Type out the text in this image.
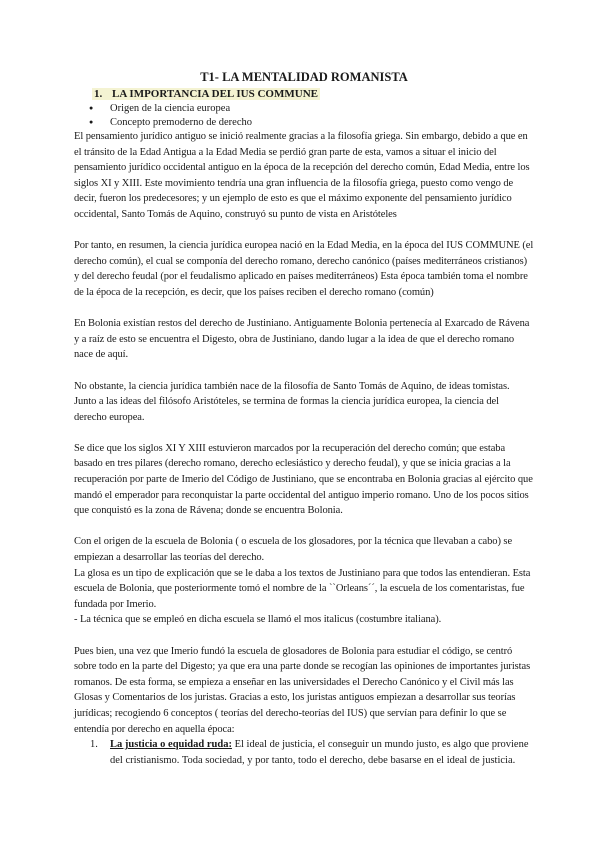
T1- LA MENTALIDAD ROMANISTA
1. LA IMPORTANCIA DEL IUS COMMUNE
● Origen de la ciencia europea
● Concepto premoderno de derecho

El pensamiento jurídico antiguo se inició realmente gracias a la filosofía griega. Sin embargo, debido a que en el tránsito de la Edad Antigua a la Edad Media se perdió gran parte de esta, vamos a situar el inicio del pensamiento jurídico occidental antiguo en la época de la recepción del derecho común, Edad Media, entre los siglos XI y XIII. Este movimiento tendría una gran influencia de la filosofía griega, puesto como vengo de decir, fueron los predecesores; y un ejemplo de esto es que el máximo exponente del pensamiento jurídico occidental, Santo Tomás de Aquino, construyó su punto de vista en Aristóteles

Por tanto, en resumen, la ciencia jurídica europea nació en la Edad Media, en la época del IUS COMMUNE (el derecho común), el cual se componía del derecho romano, derecho canónico (países mediterráneos cristianos) y del derecho feudal (por el feudalismo aplicado en países mediterráneos) Esta época también toma el nombre de la época de la recepción, es decir, que los países reciben el derecho romano (común)

En Bolonia existían restos del derecho de Justiniano. Antiguamente Bolonia pertenecía al Exarcado de Rávena y a raíz de esto se encuentra el Digesto, obra de Justiniano, dando lugar a la idea de que el derecho romano nace de aquí.

No obstante, la ciencia jurídica también nace de la filosofía de Santo Tomás de Aquino, de ideas tomistas. Junto a las ideas del filósofo Aristóteles, se termina de formas la ciencia jurídica europea, la ciencia del derecho europea.

Se dice que los siglos XI Y XIII estuvieron marcados por la recuperación del derecho común; que estaba basado en tres pilares (derecho romano, derecho eclesiástico y derecho feudal), y que se inicia gracias a la recuperación por parte de Imerio del Código de Justiniano, que se encontraba en Bolonia gracias al ejército que mandó el emperador para reconquistar la parte occidental del antiguo imperio romano. Uno de los pocos sitios que conquistó es la zona de Rávena; donde se encuentra Bolonia.

Con el origen de la escuela de Bolonia ( o escuela de los glosadores, por la técnica que llevaban a cabo) se empiezan a desarrollar las teorías del derecho.

La glosa es un tipo de explicación que se le daba a los textos de Justiniano para que todos las entendieran. Esta escuela de Bolonia, que posteriormente tomó el nombre de la ``Orleans´´, la escuela de los comentaristas, fue fundada por Imerio.

- La técnica que se empleó en dicha escuela se llamó el mos italicus (costumbre italiana).

Pues bien, una vez que Imerio fundó la escuela de glosadores de Bolonia para estudiar el código, se centró sobre todo en la parte del Digesto; ya que era una parte donde se recogían las opiniones de importantes juristas romanos. De esta forma, se empieza a enseñar en las universidades el Derecho Canónico y el Civil más las Glosas y Comentarios de los juristas. Gracias a esto, los juristas antiguos empiezan a desarrollar sus teorías jurídicas; recogiendo 6 conceptos ( teorías del derecho-teorías del IUS) que servían para definir lo que se entendía por derecho en aquella época:

1. La justicia o equidad ruda: El ideal de justicia, el conseguir un mundo justo, es algo que proviene del cristianismo. Toda sociedad, y por tanto, todo el derecho, debe basarse en el ideal de justicia.
